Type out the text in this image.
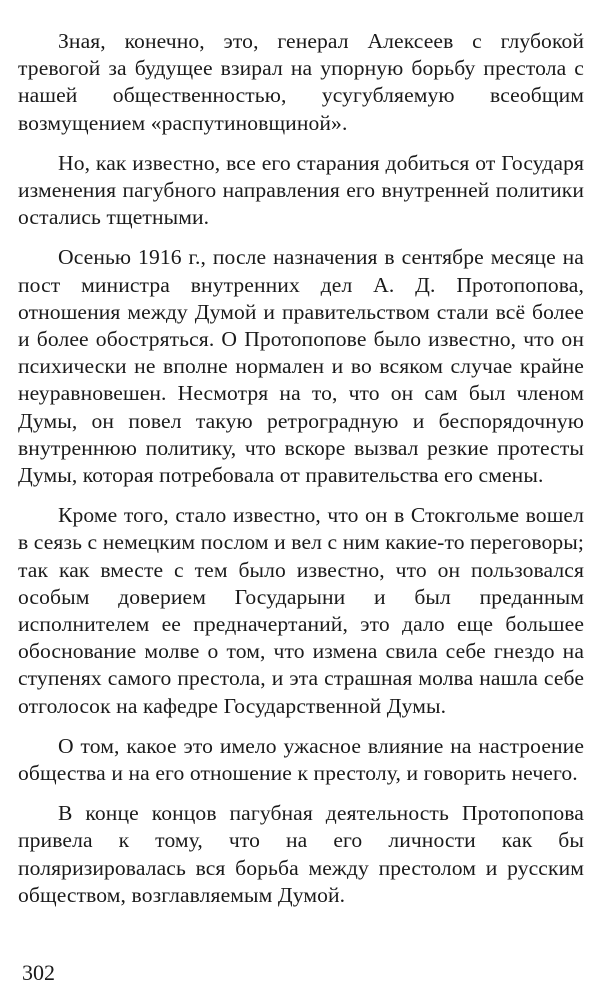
Зная, конечно, это, генерал Алексеев с глубокой тревогой за будущее взирал на упорную борьбу престола с нашей общественностью, усугубляемую всеобщим возмущением «распутиновщиной».

Но, как известно, все его старания добиться от Государя изменения пагубного направления его внутренней политики остались тщетными.

Осенью 1916 г., после назначения в сентябре месяце на пост министра внутренних дел А. Д. Протопопова, отношения между Думой и правительством стали всё более и более обостряться. О Протопопове было известно, что он психически не вполне нормален и во всяком случае крайне неуравновешен. Несмотря на то, что он сам был членом Думы, он повел такую ретроградную и беспорядочную внутреннюю политику, что вскоре вызвал резкие протесты Думы, которая потребовала от правительства его смены.

Кроме того, стало известно, что он в Стокгольме вошел в сеязь с немецким послом и вел с ним какие-то переговоры; так как вместе с тем было известно, что он пользовался особым доверием Государыни и был преданным исполнителем ее предначертаний, это дало еще большее обоснование молве о том, что измена свила себе гнездо на ступенях самого престола, и эта страшная молва нашла себе отголосок на кафедре Государственной Думы.

О том, какое это имело ужасное влияние на настроение общества и на его отношение к престолу, и говорить нечего.

В конце концов пагубная деятельность Протопопова привела к тому, что на его личности как бы поляризировалась вся борьба между престолом и русским обществом, возглавляемым Думой.

302
